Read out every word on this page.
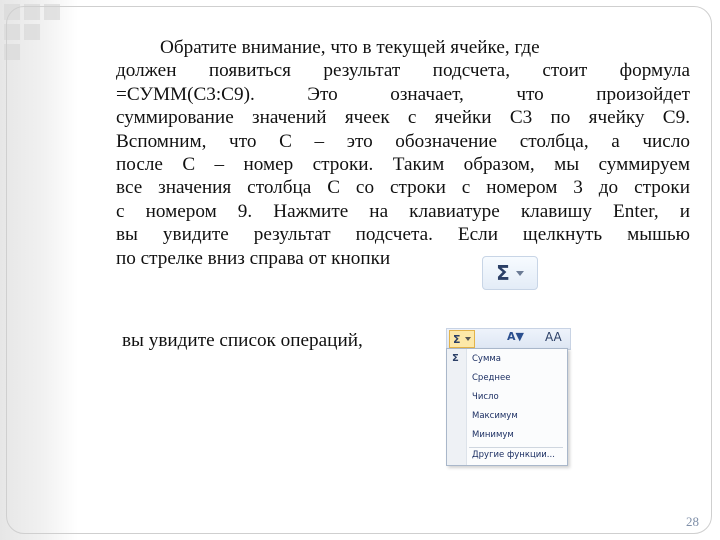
Обратите внимание, что в текущей ячейке, где
должен появиться результат подсчета, стоит формула
=СУММ(С3:С9). Это означает, что произойдет
суммирование значений ячеек с ячейки С3 по ячейку С9.
Вспомним, что С – это обозначение столбца, а число
после С – номер строки. Таким образом, мы суммируем
все значения столбца С со строки с номером 3 до строки
с номером 9. Нажмите на клавиатуре клавишу Enter, и
вы увидите результат подсчета. Если щелкнуть мышью
по стрелке вниз справа от кнопки
Σ
вы увидите список операций,	Σ	A▼ AA
Σ Сумма
Среднее
Число
Максимум
Минимум
Другие функции...
28
